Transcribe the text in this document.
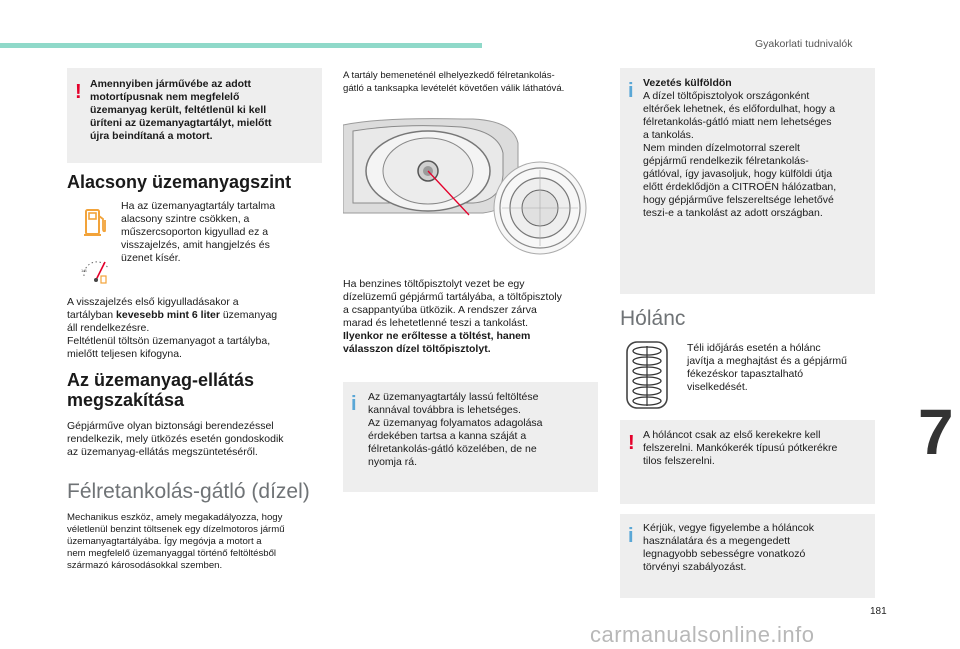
Gyakorlati tudnivalók
! Amennyiben járművébe az adott
motortípusnak nem megfelelő
üzemanyag került, feltétlenül ki kell
üríteni az üzemanyagtartályt, mielőtt
újra beindítaná a motort.
Alacsony üzemanyagszint
1/8
Ha az üzemanyagtartály tartalma
alacsony szintre csökken, a
műszercsoporton kigyullad ez a
visszajelzés, amit hangjelzés és
üzenet kísér.
A visszajelzés első kigyulladásakor a
tartályban kevesebb mint 6 liter üzemanyag
áll rendelkezésre.
Feltétlenül töltsön üzemanyagot a tartályba,
mielőtt teljesen kifogyna.
Az üzemanyag-ellátás
megszakítása
Gépjárműve olyan biztonsági berendezéssel
rendelkezik, mely ütközés esetén gondoskodik
az üzemanyag-ellátás megszüntetéséről.
Félretankolás-gátló (dízel)
Mechanikus eszköz, amely megakadályozza, hogy
véletlenül benzint töltsenek egy dízelmotoros jármű
üzemanyagtartályába. Így megóvja a motort a
nem megfelelő üzemanyaggal történő feltöltésből
származó károsodásokkal szemben.
A tartály bemeneténél elhelyezkedő félretankolás-
gátló a tanksapka levételét követően válik láthatóvá.
Ha benzines töltőpisztolyt vezet be egy
dízelüzemű gépjármű tartályába, a töltőpisztoly
a csappantyúba ütközik. A rendszer zárva
marad és lehetetlenné teszi a tankolást.
Ilyenkor ne erőltesse a töltést, hanem
válasszon dízel töltőpisztolyt.
i Az üzemanyagtartály lassú feltöltése
kannával továbbra is lehetséges.
Az üzemanyag folyamatos adagolása
érdekében tartsa a kanna száját a
félretankolás-gátló közelében, de ne
nyomja rá.
i Vezetés külföldön
A dízel töltőpisztolyok országonként
eltérőek lehetnek, és előfordulhat, hogy a
félretankolás-gátló miatt nem lehetséges
a tankolás.
Nem minden dízelmotorral szerelt
gépjármű rendelkezik félretankolás-
gátlóval, így javasoljuk, hogy külföldi útja
előtt érdeklődjön a CITROËN hálózatban,
hogy gépjárműve felszereltsége lehetővé
teszi-e a tankolást az adott országban.
Hólánc
Téli időjárás esetén a hólánc
javítja a meghajtást és a gépjármű
fékezéskor tapasztalható
viselkedését.
! A hóláncot csak az első kerekekre kell
felszerelni. Mankókerék típusú pótkerékre
tilos felszerelni.
i Kérjük, vegye figyelembe a hóláncok
használatára és a megengedett
legnagyobb sebességre vonatkozó
törvényi szabályozást.
7
181
carmanualsonline.info
